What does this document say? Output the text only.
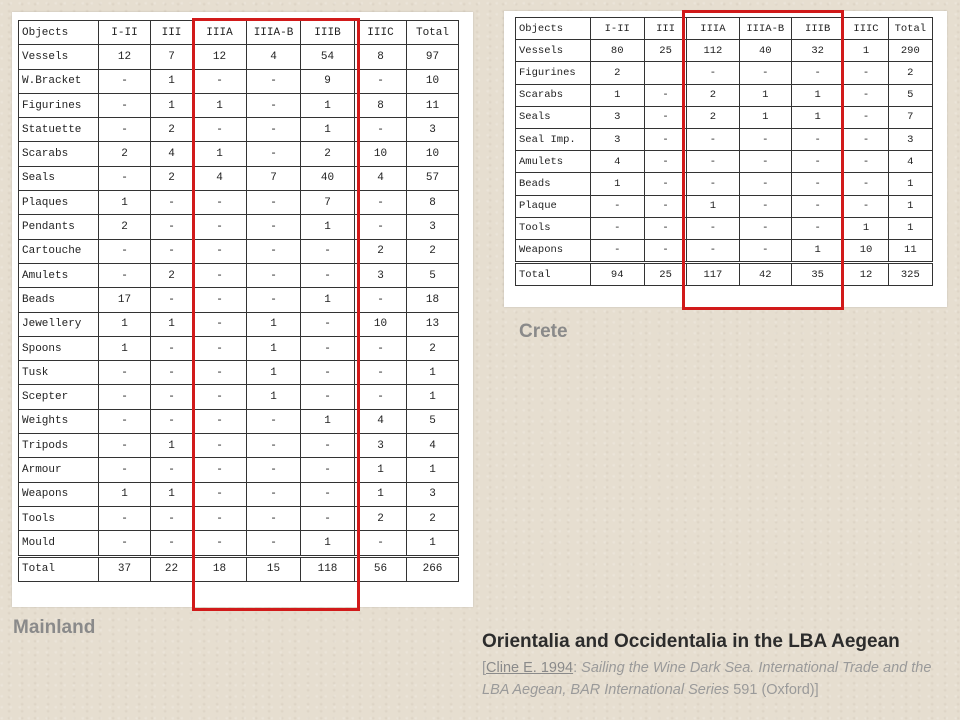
Objects	I-II	III	IIIA	IIIA-B	IIIB	IIIC	Total
Vessels	12	7	12	4	54	8	97
W.Bracket	-	1	-	-	9	-	10
Figurines	-	1	1	-	1	8	11
Statuette	-	2	-	-	1	-	3
Scarabs	2	4	1	-	2	10	10
Seals	-	2	4	7	40	4	57
Plaques	1	-	-	-	7	-	8
Pendants	2	-	-	-	1	-	3
Cartouche	-	-	-	-	-	2	2
Amulets	-	2	-	-	-	3	5
Beads	17	-	-	-	1	-	18
Jewellery	1	1	-	1	-	10	13
Spoons	1	-	-	1	-	-	2
Tusk	-	-	-	1	-	-	1
Scepter	-	-	-	1	-	-	1
Weights	-	-	-	-	1	4	5
Tripods	-	1	-	-	-	3	4
Armour	-	-	-	-	-	1	1
Weapons	1	1	-	-	-	1	3
Tools	-	-	-	-	-	2	2
Mould	-	-	-	-	1	-	1
Total	37	22	18	15	118	56	266
Mainland
Objects	I-II	III	IIIA	IIIA-B	IIIB	IIIC	Total
Vessels	80	25	112	40	32	1	290
Figurines	2		-	-	-	-	2
Scarabs	1	-	2	1	1	-	5
Seals	3	-	2	1	1	-	7
Seal Imp.	3	-	-	-	-	-	3
Amulets	4	-	-	-	-	-	4
Beads	1	-	-	-	-	-	1
Plaque	-	-	1	-	-	-	1
Tools	-	-	-	-	-	1	1
Weapons	-	-	-	-	1	10	11
Total	94	25	117	42	35	12	325
Crete
Orientalia and Occidentalia in the LBA Aegean
[Cline E. 1994: Sailing the Wine Dark Sea. International Trade and the LBA Aegean, BAR International Series 591 (Oxford)]
